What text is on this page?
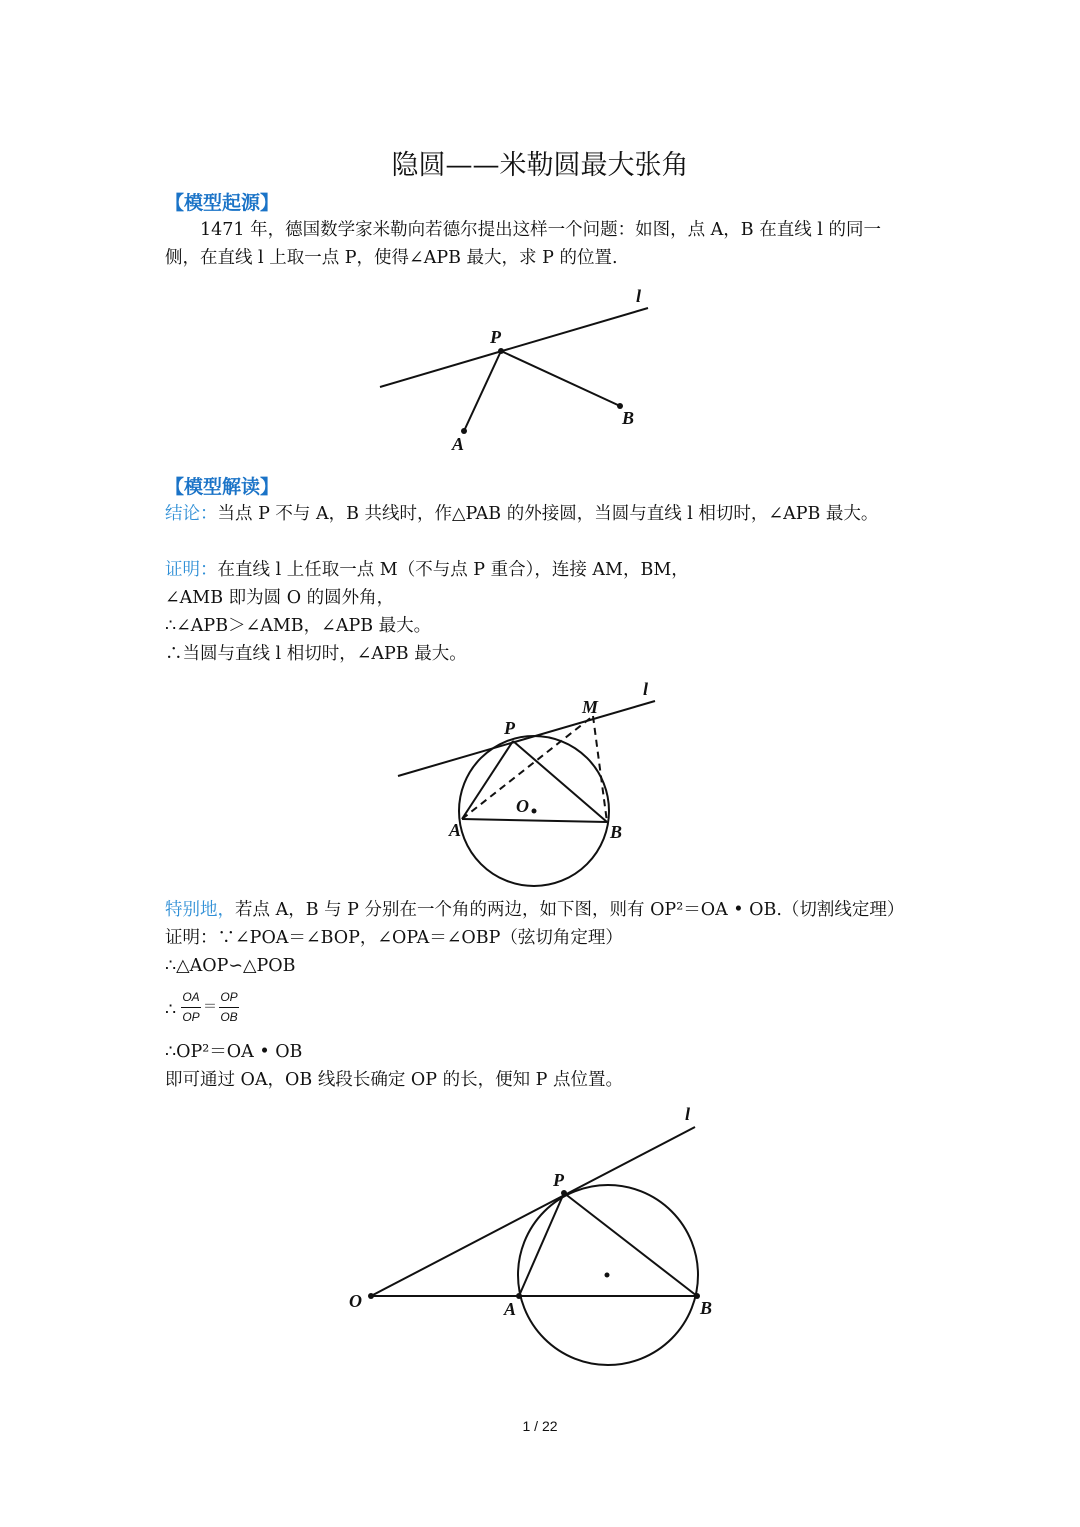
隐圆——米勒圆最大张角
【模型起源】
1471 年，德国数学家米勒向若德尔提出这样一个问题：如图，点 A，B 在直线 l 的同一
侧，在直线 l 上取一点 P，使得∠APB 最大，求 P 的位置.
l
P
A
B
【模型解读】
结论：当点 P 不与 A，B 共线时，作△PAB 的外接圆，当圆与直线 l 相切时，∠APB 最大。
证明：在直线 l 上任取一点 M（不与点 P 重合），连接 AM，BM，
∠AMB 即为圆 O 的圆外角，
∴∠APB＞∠AMB，∠APB 最大。
∴当圆与直线 l 相切时，∠APB 最大。
l
M
P
O
A	B
特别地，若点 A，B 与 P 分别在一个角的两边，如下图，则有 OP²＝OA • OB.（切割线定理）
证明：∵∠POA＝∠BOP，∠OPA＝∠OBP（弦切角定理）
∴△AOP∽△POB
∴
OA
OP
＝
OP
OB
∴OP²＝OA • OB
即可通过 OA，OB 线段长确定 OP 的长，便知 P 点位置。
l
P
O	A	B
1 / 22
